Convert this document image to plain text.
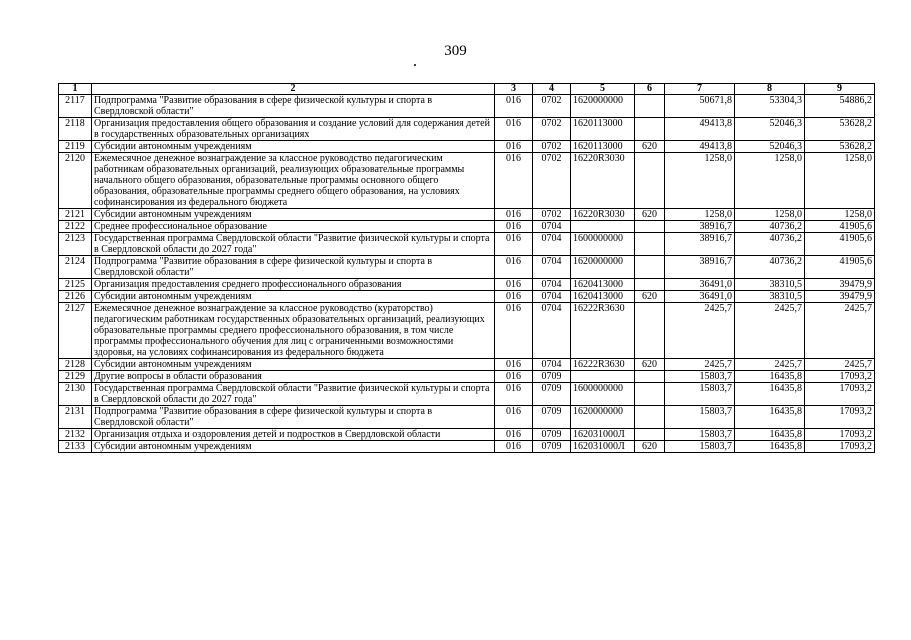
309
1	2	3	4	5	6	7	8	9
2117	Подпрограмма "Развитие образования в сфере физической культуры и спорта в Свердловской области"	016	0702	1620000000		50671,8	53304,3	54886,2
2118	Организация предоставления общего образования и создание условий для содержания детей в государственных образовательных организациях	016	0702	1620113000		49413,8	52046,3	53628,2
2119	Субсидии автономным учреждениям	016	0702	1620113000	620	49413,8	52046,3	53628,2
2120	Ежемесячное денежное вознаграждение за классное руководство педагогическим работникам образовательных организаций, реализующих образовательные программы начального общего образования, образовательные программы основного общего образования, образовательные программы среднего общего образования, на условиях софинансирования из федерального бюджета	016	0702	16220R3030		1258,0	1258,0	1258,0
2121	Субсидии автономным учреждениям	016	0702	16220R3030	620	1258,0	1258,0	1258,0
2122	Среднее профессиональное образование	016	0704			38916,7	40736,2	41905,6
2123	Государственная программа Свердловской области "Развитие физической культуры и спорта в Свердловской области до 2027 года"	016	0704	1600000000		38916,7	40736,2	41905,6
2124	Подпрограмма "Развитие образования в сфере физической культуры и спорта в Свердловской области"	016	0704	1620000000		38916,7	40736,2	41905,6
2125	Организация предоставления среднего профессионального образования	016	0704	1620413000		36491,0	38310,5	39479,9
2126	Субсидии автономным учреждениям	016	0704	1620413000	620	36491,0	38310,5	39479,9
2127	Ежемесячное денежное вознаграждение за классное руководство (кураторство) педагогическим работникам государственных образовательных организаций, реализующих образовательные программы среднего профессионального образования, в том числе программы профессионального обучения для лиц с ограниченными возможностями здоровья, на условиях софинансирования из федерального бюджета	016	0704	16222R3630		2425,7	2425,7	2425,7
2128	Субсидии автономным учреждениям	016	0704	16222R3630	620	2425,7	2425,7	2425,7
2129	Другие вопросы в области образования	016	0709			15803,7	16435,8	17093,2
2130	Государственная программа Свердловской области "Развитие физической культуры и спорта в Свердловской области до 2027 года"	016	0709	1600000000		15803,7	16435,8	17093,2
2131	Подпрограмма "Развитие образования в сфере физической культуры и спорта в Свердловской области"	016	0709	1620000000		15803,7	16435,8	17093,2
2132	Организация отдыха и оздоровления детей и подростков в Свердловской области	016	0709	162031000Л		15803,7	16435,8	17093,2
2133	Субсидии автономным учреждениям	016	0709	162031000Л	620	15803,7	16435,8	17093,2
